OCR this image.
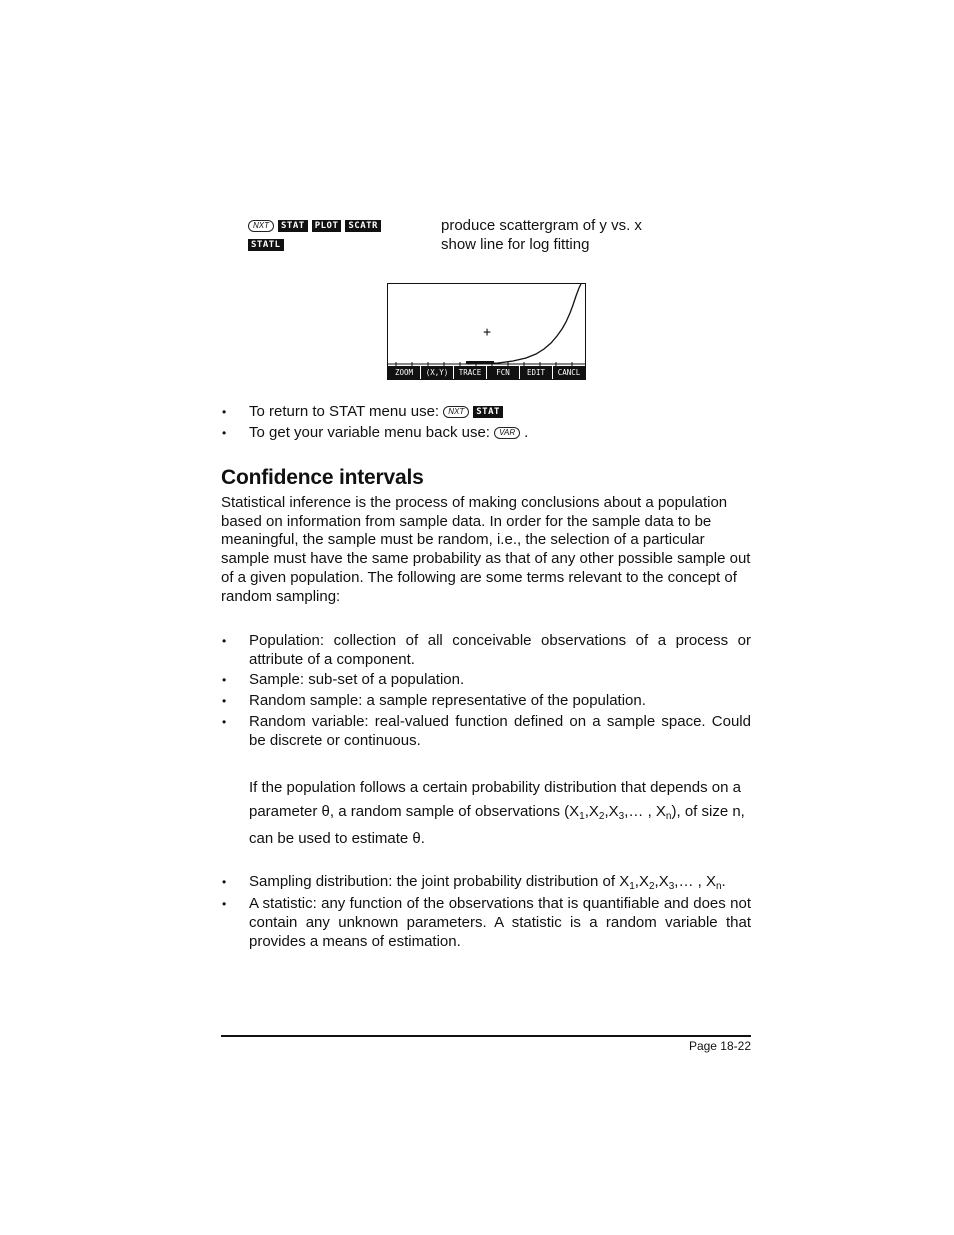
NXT STAT PLOT SCATR	produce scattergram of y vs. x
STATL	show line for log fitting
+
ZOOM	(X,Y)	TRACE	FCN	EDIT	CANCL
• To return to STAT menu use: NXT STAT
• To get your variable menu back use: VAR .
Confidence intervals
Statistical inference is the process of making conclusions about a population based on information from sample data. In order for the sample data to be meaningful, the sample must be random, i.e., the selection of a particular sample must have the same probability as that of any other possible sample out of a given population. The following are some terms relevant to the concept of random sampling:
• Population: collection of all conceivable observations of a process or attribute of a component.
• Sample: sub-set of a population.
• Random sample: a sample representative of the population.
• Random variable: real-valued function defined on a sample space. Could be discrete or continuous.
If the population follows a certain probability distribution that depends on a
parameter θ, a random sample of observations ($X_1,X_2,X_3,\dots$ , $X_n$), of size n,
can be used to estimate θ.
• Sampling distribution: the joint probability distribution of $X_1,X_2,X_3,\dots$ , $X_n$.
• A statistic: any function of the observations that is quantifiable and does not contain any unknown parameters. A statistic is a random variable that provides a means of estimation.
Page 18-22
